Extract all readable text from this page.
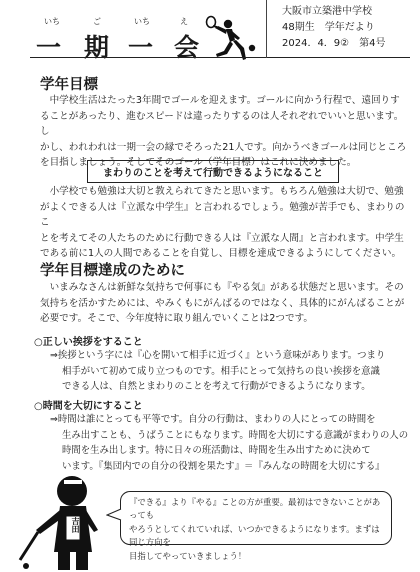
いち	ご	いち	え
一 期 一 会
大阪市立築港中学校
48期生　学年だより
2024．4．9②　第4号
学年目標

中学校生活はたった3年間でゴールを迎えます。ゴールに向かう行程で、遠回りす

ることがあったり、進むスピードは違ったりするのは人それぞれでいいと思います。し

かし、われわれは一期一会の縁でそろった21人です。向かうべきゴールは同じところ

を目指しましょう。そしてそのゴール（学年目標）はこれに決めました。

まわりのことを考えて行動できるようになること

小学校でも勉強は大切と教えられてきたと思います。もちろん勉強は大切で、勉強

がよくできる人は『立派な中学生』と言われるでしょう。勉強が苦手でも、まわりのこ

とを考えてその人たちのために行動できる人は『立派な人間』と言われます。中学生

である前に1人の人間であることを自覚し、目標を達成できるようにしてください。

学年目標達成のために

いまみなさんは新鮮な気持ちで何事にも『やる気』がある状態だと思います。その

気持ちを活かすためには、やみくもにがんばるのではなく、具体的にがんばることが

必要です。そこで、今年度特に取り組んでいくことは2つです。

○正しい挨拶をすること
⇒挨拶という字には『心を開いて相手に近づく』という意味があります。つまり
相手がいて初めて成り立つものです。相手にとって気持ちの良い挨拶を意識
できる人は、自然とまわりのことを考えて行動ができるようになります。
○時間を大切にすること
⇒時間は誰にとっても平等です。自分の行動は、まわりの人にとっての時間を
生み出すことも、うばうことにもなります。時間を大切にする意識がまわりの人の
時間を生み出します。特に日々の班活動は、時間を生み出すために決めて
います。『集団内での自分の役割を果たす』＝『みんなの時間を大切にする』
吉田
『できる』より『やる』ことの方が重要。最初はできないことがあっても
やろうとしてくれていれば、いつかできるようになります。まずは同じ方向を
目指してやっていきましょう！
